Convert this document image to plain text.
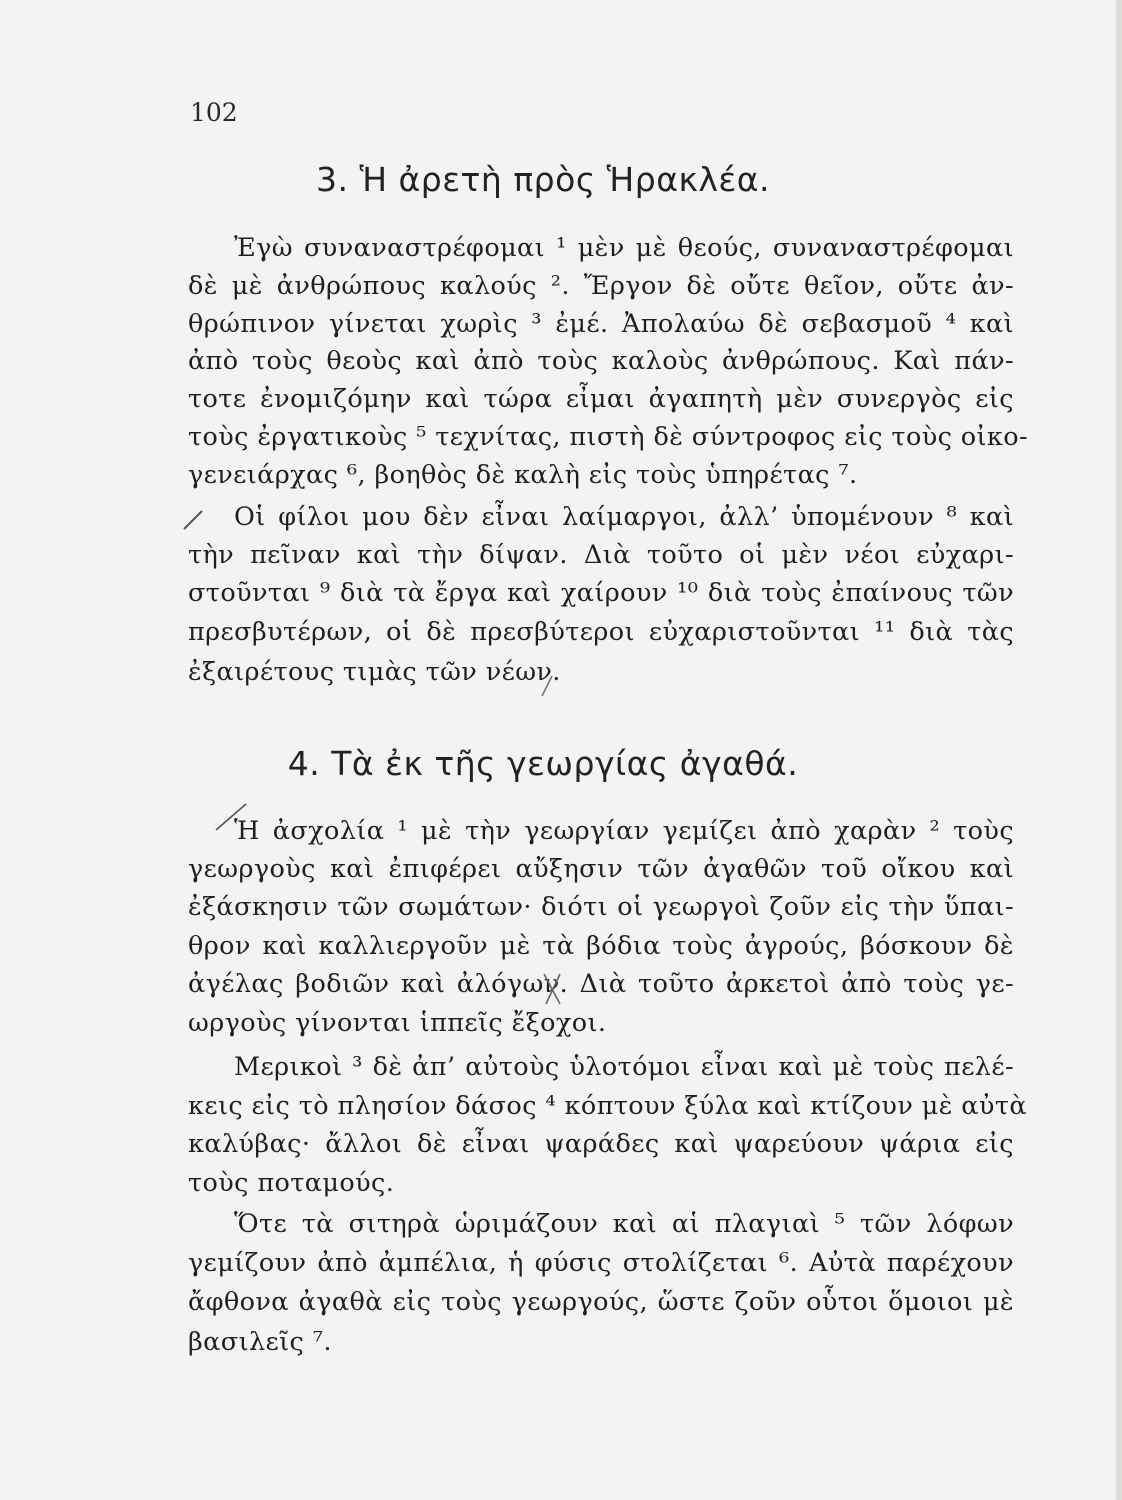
102
3. Ἡ ἀρετὴ πρὸς Ἡρακλέα.
Ἐγὼ συναναστρέφομαι ¹ μὲν μὲ θεούς, συναναστρέφομαι
δὲ μὲ ἀνθρώπους καλούς ². Ἔργον δὲ οὔτε θεῖον, οὔτε ἀν-
θρώπινον γίνεται χωρὶς ³ ἐμέ. Ἀπολαύω δὲ σεβασμοῦ ⁴ καὶ
ἀπὸ τοὺς θεοὺς καὶ ἀπὸ τοὺς καλοὺς ἀνθρώπους. Καὶ πάν-
τοτε ἐνομιζόμην καὶ τώρα εἶμαι ἀγαπητὴ μὲν συνεργὸς εἰς
τοὺς ἐργατικοὺς ⁵ τεχνίτας, πιστὴ δὲ σύντροφος εἰς τοὺς οἰκο-
γενειάρχας ⁶, βοηθὸς δὲ καλὴ εἰς τοὺς ὑπηρέτας ⁷.
Οἱ φίλοι μου δὲν εἶναι λαίμαργοι, ἀλλ’ ὑπομένουν ⁸ καὶ
τὴν πεῖναν καὶ τὴν δίψαν. Διὰ τοῦτο οἱ μὲν νέοι εὐχαρι-
στοῦνται ⁹ διὰ τὰ ἔργα καὶ χαίρουν ¹⁰ διὰ τοὺς ἐπαίνους τῶν
πρεσβυτέρων, οἱ δὲ πρεσβύτεροι εὐχαριστοῦνται ¹¹ διὰ τὰς
ἐξαιρέτους τιμὰς τῶν νέων.
4. Τὰ ἐκ τῆς γεωργίας ἀγαθά.
Ἡ ἀσχολία ¹ μὲ τὴν γεωργίαν γεμίζει ἀπὸ χαρὰν ² τοὺς
γεωργοὺς καὶ ἐπιφέρει αὔξησιν τῶν ἀγαθῶν τοῦ οἴκου καὶ
ἐξάσκησιν τῶν σωμάτων· διότι οἱ γεωργοὶ ζοῦν εἰς τὴν ὕπαι-
θρον καὶ καλλιεργοῦν μὲ τὰ βόδια τοὺς ἀγρούς, βόσκουν δὲ
ἀγέλας βοδιῶν καὶ ἀλόγων. Διὰ τοῦτο ἀρκετοὶ ἀπὸ τοὺς γε-
ωργοὺς γίνονται ἱππεῖς ἔξοχοι.
Μερικοὶ ³ δὲ ἀπ’ αὐτοὺς ὑλοτόμοι εἶναι καὶ μὲ τοὺς πελέ-
κεις εἰς τὸ πλησίον δάσος ⁴ κόπτουν ξύλα καὶ κτίζουν μὲ αὐτὰ
καλύβας· ἄλλοι δὲ εἶναι ψαράδες καὶ ψαρεύουν ψάρια εἰς
τοὺς ποταμούς.
Ὅτε τὰ σιτηρὰ ὡριμάζουν καὶ αἱ πλαγιαὶ ⁵ τῶν λόφων
γεμίζουν ἀπὸ ἀμπέλια, ἡ φύσις στολίζεται ⁶. Αὐτὰ παρέχουν
ἄφθονα ἀγαθὰ εἰς τοὺς γεωργούς, ὥστε ζοῦν οὗτοι ὅμοιοι μὲ
βασιλεῖς ⁷.
